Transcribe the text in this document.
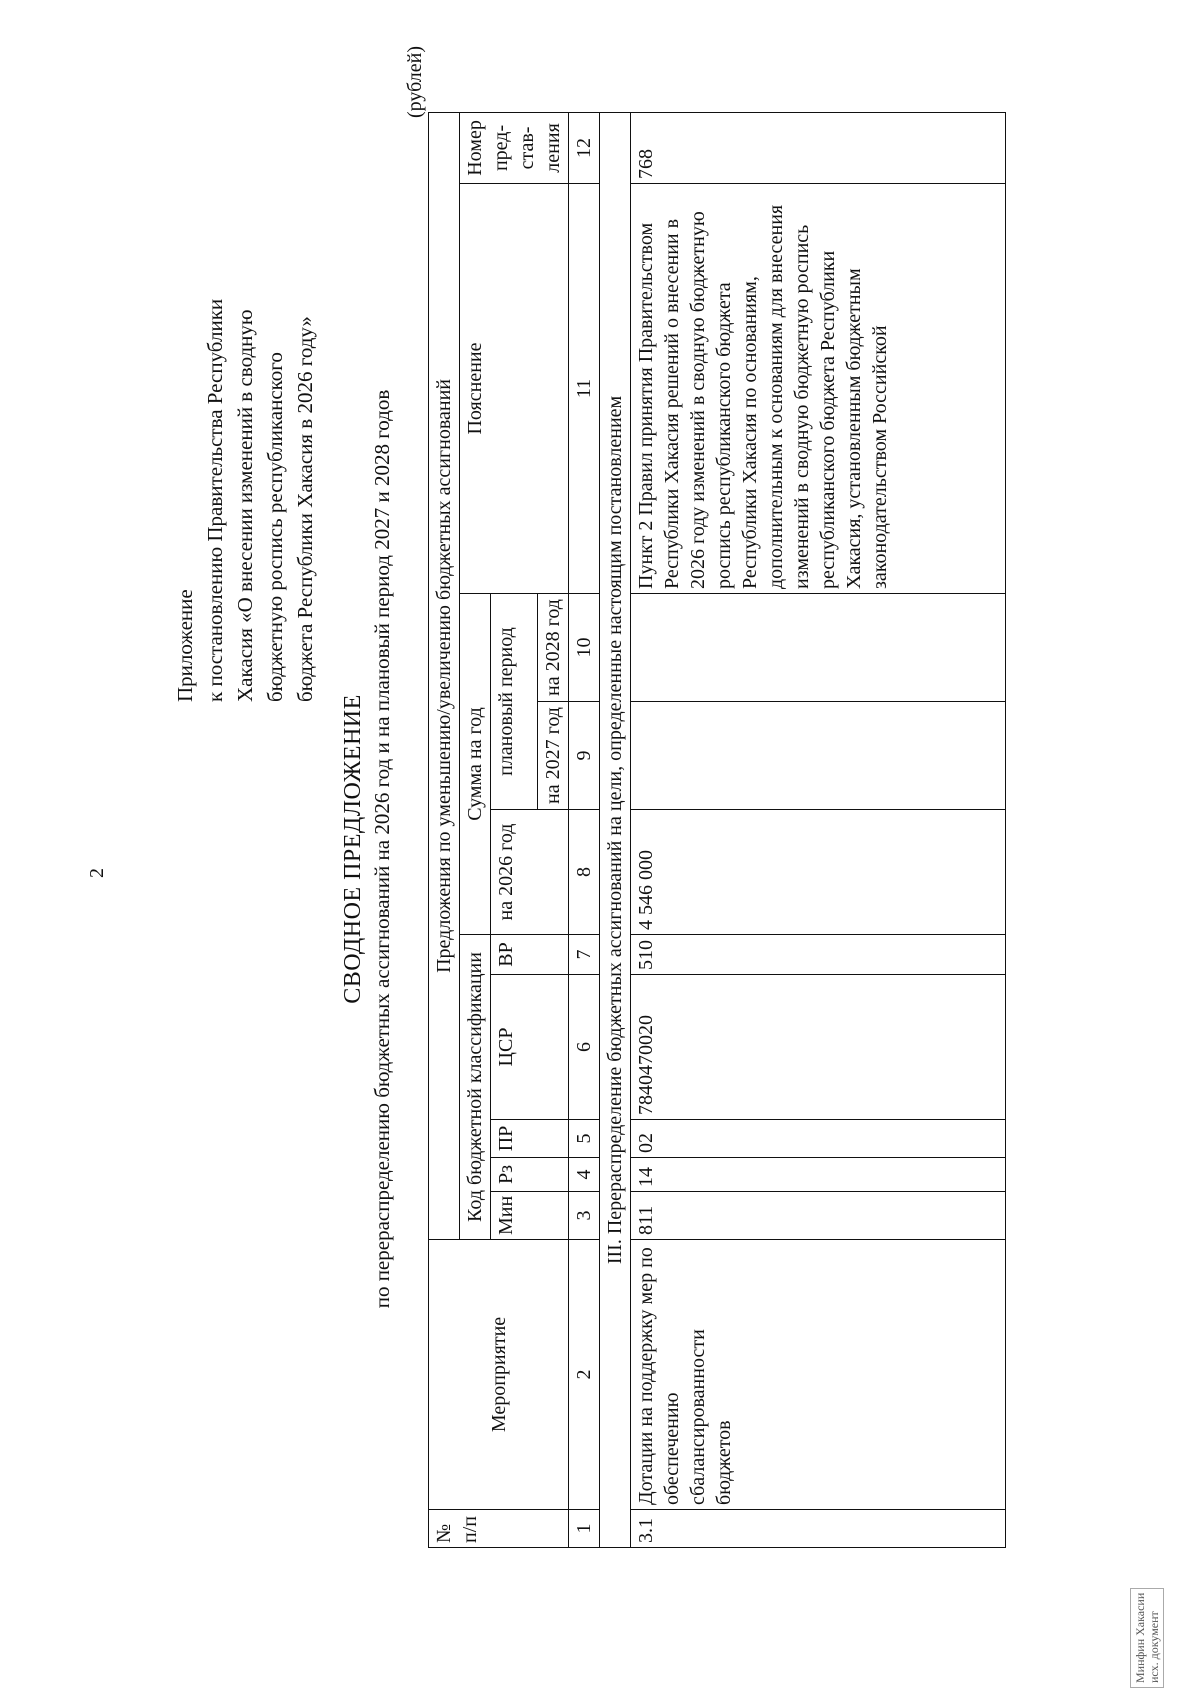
2
Приложение к постановлению Правительства Республики Хакасия «О внесении изменений в сводную бюджетную роспись республиканского бюджета Республики Хакасия в 2026 году»
СВОДНОЕ ПРЕДЛОЖЕНИЕ по перераспределению бюджетных ассигнований на 2026 год и на плановый период 2027 и 2028 годов
(рублей)
№ п/п	Мероприятие	Предложения по уменьшению/увеличению бюджетных ассигнований									
		Код бюджетной классификации					Сумма на год			Пояснение	Номер пред-став-ления
		Мин	Рз	ПР	ЦСР	ВР	на 2026 год	плановый период			
								на 2027 год	на 2028 год		
1	2	3	4	5	6	7	8	9	10	11	12
III. Перераспределение бюджетных ассигнований на цели, определенные настоящим постановлением											
3.1	Дотации на поддержку мер по обеспечению сбалансированности бюджетов	811	14	02	7840470020	510	4 546 000			Пункт 2 Правил принятия Правительством Республики Хакасия решений о внесении в 2026 году изменений в сводную бюджетную роспись республиканского бюджета Республики Хакасия по основаниям, дополнительным к основаниям для внесения изменений в сводную бюджетную роспись республиканского бюджета Республики Хакасия, установленным бюджетным законодательством Российской	768
Минфин Хакасии исх. документ
